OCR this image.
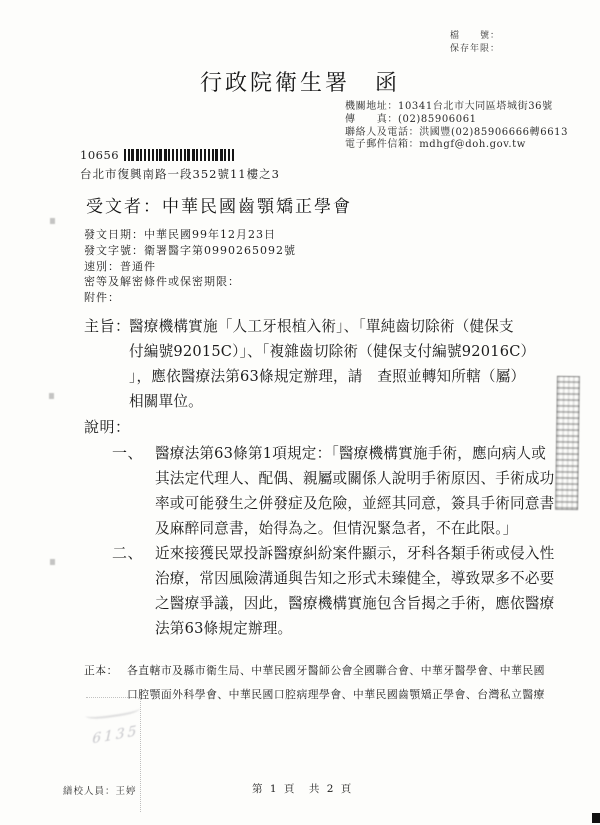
檔　　號：
保存年限：
行政院衛生署　函
機關地址：10341台北市大同區塔城街36號
傳　　真：(02)85906061
聯絡人及電話：洪國豐(02)85906666轉6613
電子郵件信箱：mdhgf@doh.gov.tw
10656
台北市復興南路一段352號11樓之3
受文者：中華民國齒顎矯正學會
發文日期：中華民國99年12月23日
發文字號：衛署醫字第0990265092號
速別：普通件
密等及解密條件或保密期限：
附件：
主旨：
醫療機構實施「人工牙根植入術」、「單純齒切除術（健保支
付編號92015C）」、「複雜齒切除術（健保支付編號92016C）
」，應依醫療法第63條規定辦理，請　查照並轉知所轄（屬）
相關單位。
說明：
一、 醫療法第63條第1項規定：「醫療機構實施手術，應向病人或
其法定代理人、配偶、親屬或關係人說明手術原因、手術成功
率或可能發生之併發症及危險，並經其同意，簽具手術同意書
及麻醉同意書，始得為之。但情況緊急者，不在此限。」
二、 近來接獲民眾投訴醫療糾紛案件顯示，牙科各類手術或侵入性
治療，常因風險溝通與告知之形式未臻健全，導致眾多不必要
之醫療爭議，因此，醫療機構實施包含旨揭之手術，應依醫療
法第63條規定辦理。
正本： 各直轄市及縣市衛生局、中華民國牙醫師公會全國聯合會、中華牙醫學會、中華民國
口腔顎面外科學會、中華民國口腔病理學會、中華民國齒顎矯正學會、台灣私立醫療
繕校人員：王婷	第 1 頁　共 2 頁
6135
